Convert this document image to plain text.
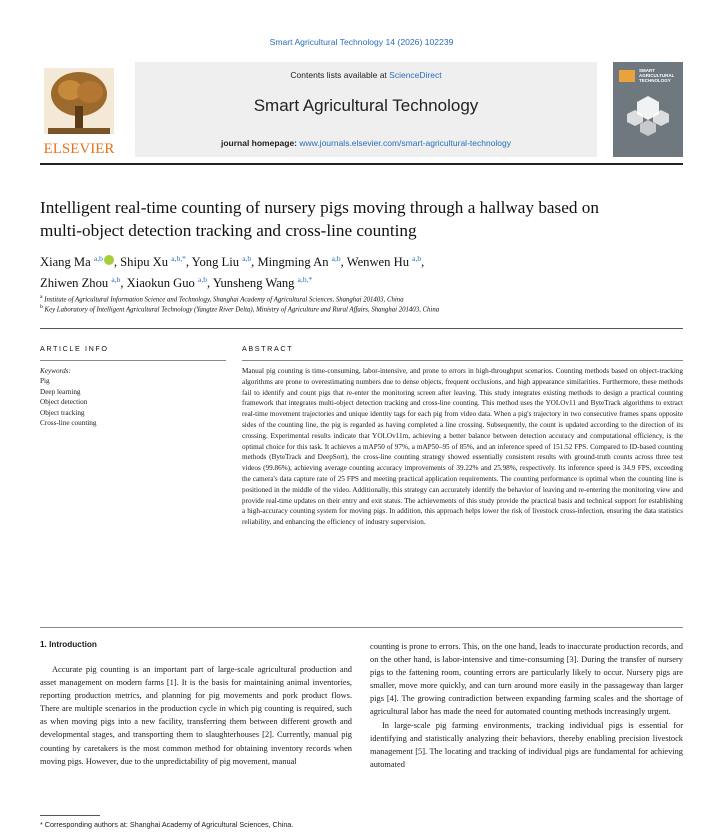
Smart Agricultural Technology 14 (2026) 102239
ELSEVIER
Contents lists available at ScienceDirect
Smart Agricultural Technology
journal homepage: www.journals.elsevier.com/smart-agricultural-technology
SMART AGRICULTURAL TECHNOLOGY
Intelligent real-time counting of nursery pigs moving through a hallway based on multi-object detection tracking and cross-line counting
Xiang Ma $^{a,b}$ , Shipu Xu $^{a,b,*}$, Yong Liu $^{a,b}$, Mingming An $^{a,b}$, Wenwen Hu $^{a,b}$,
Zhiwen Zhou $^{a,b}$, Xiaokun Guo $^{a,b}$, Yunsheng Wang $^{a,b,*}$
$^a$ Institute of Agricultural Information Science and Technology, Shanghai Academy of Agricultural Sciences, Shanghai 201403, China
$^b$ Key Laboratory of Intelligent Agricultural Technology (Yangtze River Delta), Ministry of Agriculture and Rural Affairs, Shanghai 201403, China
ARTICLE INFO
Keywords:
Pig
Deep learning
Object detection
Object tracking
Cross-line counting
ABSTRACT
Manual pig counting is time-consuming, labor-intensive, and prone to errors in high-throughput scenarios. Counting methods based on object-tracking algorithms are prone to overestimating numbers due to dense objects, frequent occlusions, and high appearance similarities. Furthermore, these methods fail to identify and count pigs that re-enter the monitoring screen after leaving. This study integrates existing methods to design a practical counting framework that integrates multi-object detection tracking and cross-line counting. This method uses the YOLOv11 and ByteTrack algorithms to extract real-time movement trajectories and unique identity tags for each pig from video data. When a pig's trajectory in two consecutive frames spans opposite sides of the counting line, the pig is regarded as having completed a line crossing. Subsequently, the count is updated according to the direction of its crossing. Experimental results indicate that YOLOv11m, achieving a better balance between detection accuracy and computational efficiency, is the optimal choice for this task. It achieves a mAP50 of 97%, a mAP50–95 of 85%, and an inference speed of 151.52 FPS. Compared to ID-based counting methods (ByteTrack and DeepSort), the cross-line counting strategy showed essentially consistent results with ground-truth counts across three test videos (99.86%), achieving average counting accuracy improvements of 39.22% and 25.98%, respectively. Its inference speed is 34.9 FPS, exceeding the camera's data capture rate of 25 FPS and meeting practical application requirements. The counting performance is optimal when the counting line is positioned in the middle of the video. Additionally, this strategy can accurately identify the behavior of leaving and re-entering the monitoring view and provide real-time updates on their entry and exit status. The achievements of this study provide the practical basis and technical support for establishing a high-accuracy counting system for moving pigs. In addition, this approach helps lower the risk of livestock cross-infection, ensuring the data statistics reliability, and enhancing the efficiency of industry supervision.
1. Introduction

Accurate pig counting is an important part of large-scale agricultural production and asset management on modern farms [1]. It is the basis for maintaining animal inventories, reporting production metrics, and planning for pig movements and pork product flows. There are multiple scenarios in the production cycle in which pig counting is required, such as when moving pigs into a new facility, transferring them between different growth and developmental stages, and transporting them to slaughterhouses [2]. Currently, manual pig counting by caretakers is the most common method for obtaining inventory records when moving pigs. However, due to the unpredictability of pig movement, manual

counting is prone to errors. This, on the one hand, leads to inaccurate production records, and on the other hand, is labor-intensive and time-consuming [3]. During the transfer of nursery pigs to the fattening room, counting errors are particularly likely to occur. Nursery pigs are smaller, move more quickly, and can turn around more easily in the passageway than larger pigs [4]. The growing contradiction between expanding farming scales and the shortage of agricultural labor has made the need for automated counting methods increasingly urgent.

In large-scale pig farming environments, tracking individual pigs is essential for identifying and statistically analyzing their behaviors, thereby enabling precision livestock management [5]. The locating and tracking of individual pigs are fundamental for achieving automated

* Corresponding authors at: Shanghai Academy of Agricultural Sciences, China.
